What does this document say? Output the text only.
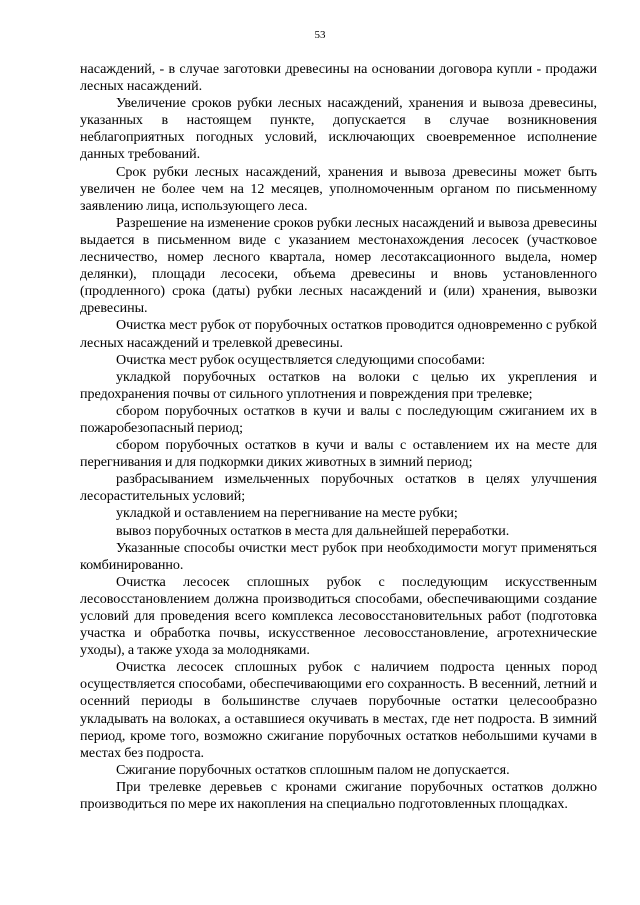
53

насаждений, - в случае заготовки древесины на основании договора купли - продажи лесных насаждений.

Увеличение сроков рубки лесных насаждений, хранения и вывоза древесины, указанных в настоящем пункте, допускается в случае возникновения неблагоприятных погодных условий, исключающих своевременное исполнение данных требований.

Срок рубки лесных насаждений, хранения и вывоза древесины может быть увеличен не более чем на 12 месяцев, уполномоченным органом по письменному заявлению лица, использующего леса.

Разрешение на изменение сроков рубки лесных насаждений и вывоза древесины выдается в письменном виде с указанием местонахождения лесосек (участковое лесничество, номер лесного квартала, номер лесотаксационного выдела, номер делянки), площади лесосеки, объема древесины и вновь установленного (продленного) срока (даты) рубки лесных насаждений и (или) хранения, вывозки древесины.

Очистка мест рубок от порубочных остатков проводится одновременно с рубкой лесных насаждений и трелевкой древесины.

Очистка мест рубок осуществляется следующими способами:

укладкой порубочных остатков на волоки с целью их укрепления и предохранения почвы от сильного уплотнения и повреждения при трелевке;

сбором порубочных остатков в кучи и валы с последующим сжиганием их в пожаробезопасный период;

сбором порубочных остатков в кучи и валы с оставлением их на месте для перегнивания и для подкормки диких животных в зимний период;

разбрасыванием измельченных порубочных остатков в целях улучшения лесорастительных условий;

укладкой и оставлением на перегнивание на месте рубки;

вывоз порубочных остатков в места для дальнейшей переработки.

Указанные способы очистки мест рубок при необходимости могут применяться комбинированно.

Очистка лесосек сплошных рубок с последующим искусственным лесовосстановлением должна производиться способами, обеспечивающими создание условий для проведения всего комплекса лесовосстановительных работ (подготовка участка и обработка почвы, искусственное лесовосстановление, агротехнические уходы), а также ухода за молодняками.

Очистка лесосек сплошных рубок с наличием подроста ценных пород осуществляется способами, обеспечивающими его сохранность. В весенний, летний и осенний периоды в большинстве случаев порубочные остатки целесообразно укладывать на волоках, а оставшиеся окучивать в местах, где нет подроста. В зимний период, кроме того, возможно сжигание порубочных остатков небольшими кучами в местах без подроста.

Сжигание порубочных остатков сплошным палом не допускается.

При трелевке деревьев с кронами сжигание порубочных остатков должно производиться по мере их накопления на специально подготовленных площадках.
